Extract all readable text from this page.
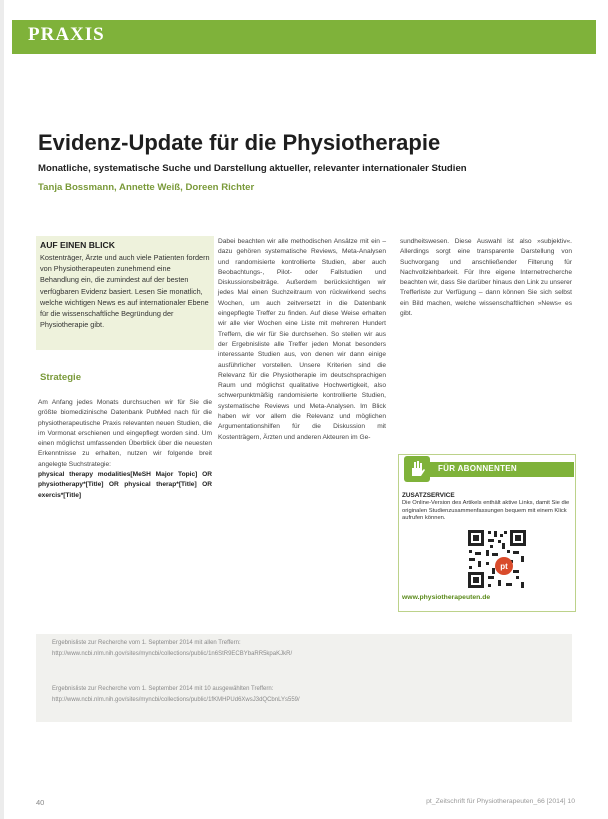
PRAXIS
Evidenz-Update für die Physiotherapie
Monatliche, systematische Suche und Darstellung aktueller, relevanter internationaler Studien
Tanja Bossmann, Annette Weiß, Doreen Richter
AUF EINEN BLICK
Kostenträger, Ärzte und auch viele Patienten fordern von Physiotherapeuten zunehmend eine Behandlung ein, die zumindest auf der besten verfügbaren Evidenz basiert. Lesen Sie monatlich, welche wichtigen News es auf internationaler Ebene für die wissenschaftliche Begründung der Physiotherapie gibt.
Strategie
Am Anfang jedes Monats durchsuchen wir für Sie die größte biomedizinische Datenbank PubMed nach für die physiotherapeutische Praxis relevanten neuen Studien, die im Vormonat erschienen und eingepflegt worden sind. Um einen möglichst umfassenden Überblick über die neuesten Erkenntnisse zu erhalten, nutzen wir folgende breit angelegte Suchstrategie:
physical therapy modalities[MeSH Major Topic] OR physiotherapy*[Title] OR physical therap*[Title] OR exercis*[Title]
Dabei beachten wir alle methodischen Ansätze mit ein – dazu gehören systematische Reviews, Meta-Analysen und randomisierte kontrollierte Studien, aber auch Beobachtungs-, Pilot- oder Fallstudien und Diskussionsbeiträge. Außerdem berücksichtigen wir jedes Mal einen Suchzeitraum von rückwirkend sechs Wochen, um auch zeitversetzt in die Datenbank eingepflegte Treffer zu finden. Auf diese Weise erhalten wir alle vier Wochen eine Liste mit mehreren Hundert Treffern, die wir für Sie durchsehen. So stellen wir aus der Ergebnisliste alle Treffer jeden Monat besonders interessante Studien aus, von denen wir dann einige ausführlicher vorstellen. Unsere Kriterien sind die Relevanz für die Physiotherapie im deutschsprachigen Raum und möglichst qualitative Hochwertigkeit, also schwerpunktmäßig randomisierte kontrollierte Studien, systematische Reviews und Meta-Analysen. Im Blick haben wir vor allem die Relevanz und möglichen Argumentationshilfen für die Diskussion mit Kostenträgern, Ärzten und anderen Akteuren im Ge-
sundheitswesen. Diese Auswahl ist also »subjektiv«. Allerdings sorgt eine transparente Darstellung von Suchvorgang und anschließender Filterung für Nachvollziehbarkeit. Für Ihre eigene Internetrecherche beachten wir, dass Sie darüber hinaus den Link zu unserer Trefferliste zur Verfügung – dann können Sie sich selbst ein Bild machen, welche wissenschaftlichen »News« es gibt.
FÜR ABONNENTEN
ZUSATZSERVICE
Die Online-Version des Artikels enthält aktive Links, damit Sie die originalen Studienzusammenfassungen bequem mit einem Klick aufrufen können.
pt
www.physiotherapeuten.de
Ergebnisliste zur Recherche vom 1. September 2014 mit allen Treffern:
http://www.ncbi.nlm.nih.gov/sites/myncbi/collections/public/1n6StR9ECBYbaRR5kpaKJkR/
Ergebnisliste zur Recherche vom 1. September 2014 mit 10 ausgewählten Treffern:
http://www.ncbi.nlm.nih.gov/sites/myncbi/collections/public/1fKMHPUd6XwsJ3dQCbnLYs559/
40	pt_Zeitschrift für Physiotherapeuten_66 [2014] 10
